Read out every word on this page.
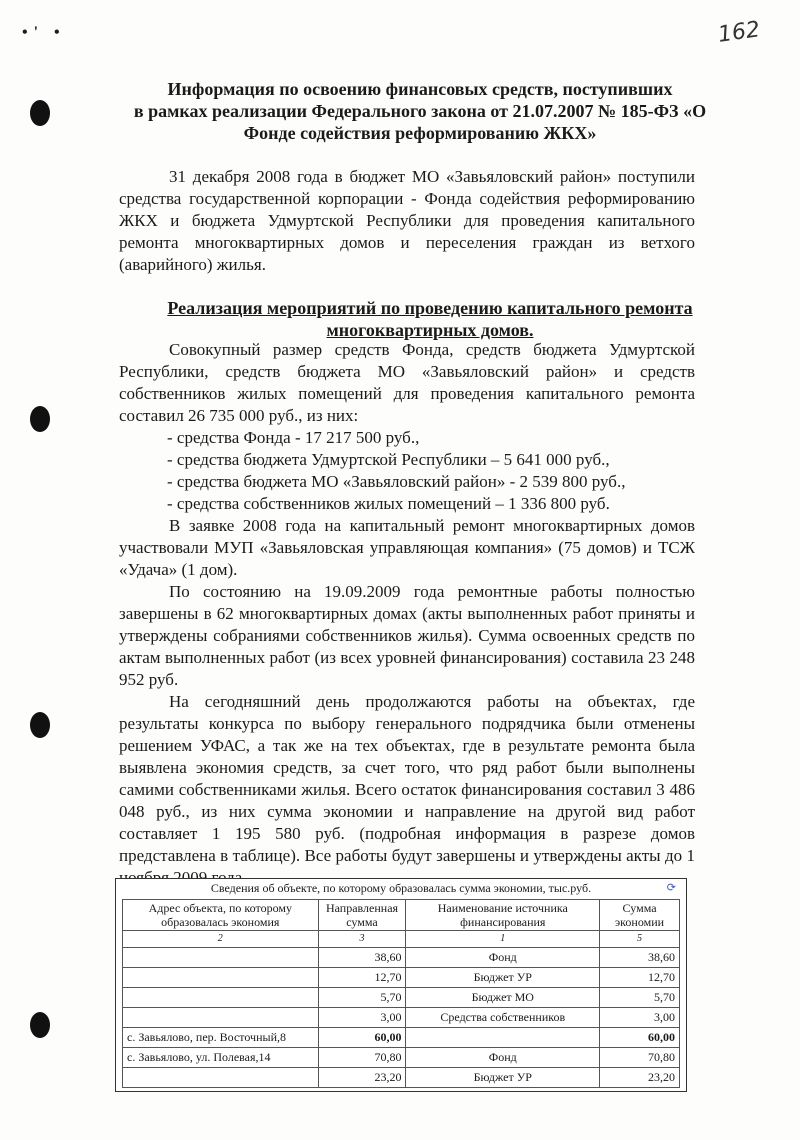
•' •	162
Информация по освоению финансовых средств, поступивших
в рамках реализации Федерального закона от 21.07.2007 № 185-ФЗ «О
Фонде содействия реформированию ЖКХ»

31 декабря 2008 года в бюджет МО «Завьяловский район» поступили средства государственной корпорации - Фонда содействия реформированию ЖКХ и бюджета Удмуртской Республики для проведения капитального ремонта многоквартирных домов и переселения граждан из ветхого (аварийного) жилья.

Реализация мероприятий по проведению капитального ремонта многоквартирных домов.

Совокупный размер средств Фонда, средств бюджета Удмуртской Республики, средств бюджета МО «Завьяловский район» и средств собственников жилых помещений для проведения капитального ремонта составил 26 735 000 руб., из них:

- средства Фонда - 17 217 500 руб.,

- средства бюджета Удмуртской Республики – 5 641 000 руб.,

- средства бюджета МО «Завьяловский район» - 2 539 800 руб.,

- средства собственников жилых помещений – 1 336 800 руб.

В заявке 2008 года на капитальный ремонт многоквартирных домов участвовали МУП «Завьяловская управляющая компания» (75 домов) и ТСЖ «Удача» (1 дом).

По состоянию на 19.09.2009 года ремонтные работы полностью завершены в 62 многоквартирных домах (акты выполненных работ приняты и утверждены собраниями собственников жилья). Сумма освоенных средств по актам выполненных работ (из всех уровней финансирования) составила 23 248 952 руб.

На сегодняшний день продолжаются работы на объектах, где результаты конкурса по выбору генерального подрядчика были отменены решением УФАС, а так же на тех объектах, где в результате ремонта была выявлена экономия средств, за счет того, что ряд работ были выполнены самими собственниками жилья. Всего остаток финансирования составил 3 486 048 руб., из них сумма экономии и направление на другой вид работ составляет 1 195 580 руб. (подробная информация в разрезе домов представлена в таблице). Все работы будут завершены и утверждены акты до 1

Сведения об объекте, по которому образовалась сумма экономии, тыс.руб.	⟳
Адрес объекта, по которому образовалась экономия	Направленная сумма	Наименование источника финансирования	Сумма экономии
2	3	1	5
	38,60	Фонд	38,60
	12,70	Бюджет УР	12,70
	5,70	Бюджет МО	5,70
	3,00	Средства собственников	3,00
с. Завьялово, пер. Восточный,8	60,00		60,00
с. Завьялово, ул. Полевая,14	70,80	Фонд	70,80
	23,20	Бюджет УР	23,20
